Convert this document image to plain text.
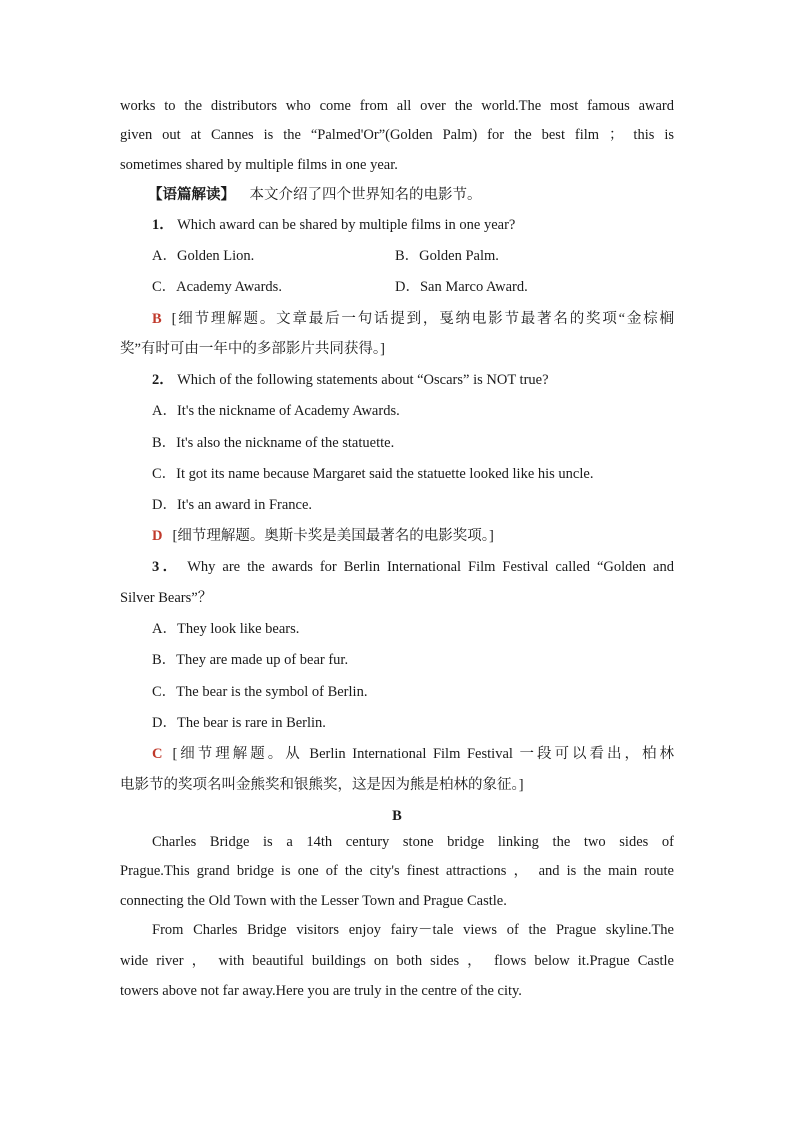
works to the distributors who come from all over the world.The most famous award
given out at Cannes is the “Palmed'Or”(Golden Palm) for the best film ； this is
sometimes shared by multiple films in one year.
【语篇解读】 本文介绍了四个世界知名的电影节。
1． Which award can be shared by multiple films in one year?
A．Golden Lion.	B．Golden Palm.
C．Academy Awards.	D．San Marco Award.
B [细节理解题。文章最后一句话提到，戛纳电影节最著名的奖项“金棕榈
奖”有时可由一年中的多部影片共同获得。]
2． Which of the following statements about “Oscars” is NOT true?
A．It's the nickname of Academy Awards.
B．It's also the nickname of the statuette.
C．It got its name because Margaret said the statuette looked like his uncle.
D．It's an award in France.
D [细节理解题。奥斯卡奖是美国最著名的电影奖项。]
3． Why are the awards for Berlin International Film Festival called “Golden and
Silver Bears”？
A．They look like bears.
B．They are made up of bear fur.
C．The bear is the symbol of Berlin.
D．The bear is rare in Berlin.
C [细节理解题。从 Berlin International Film Festival 一段可以看出，柏林
电影节的奖项名叫金熊奖和银熊奖，这是因为熊是柏林的象征。]
B
Charles Bridge is a 14th century stone bridge linking the two sides of
Prague.This grand bridge is one of the city's finest attractions ， and is the main route
connecting the Old Town with the Lesser Town and Prague Castle.
From Charles Bridge visitors enjoy fairy－tale views of the Prague skyline.The
wide river ， with beautiful buildings on both sides ， flows below it.Prague Castle
towers above not far away.Here you are truly in the centre of the city.
